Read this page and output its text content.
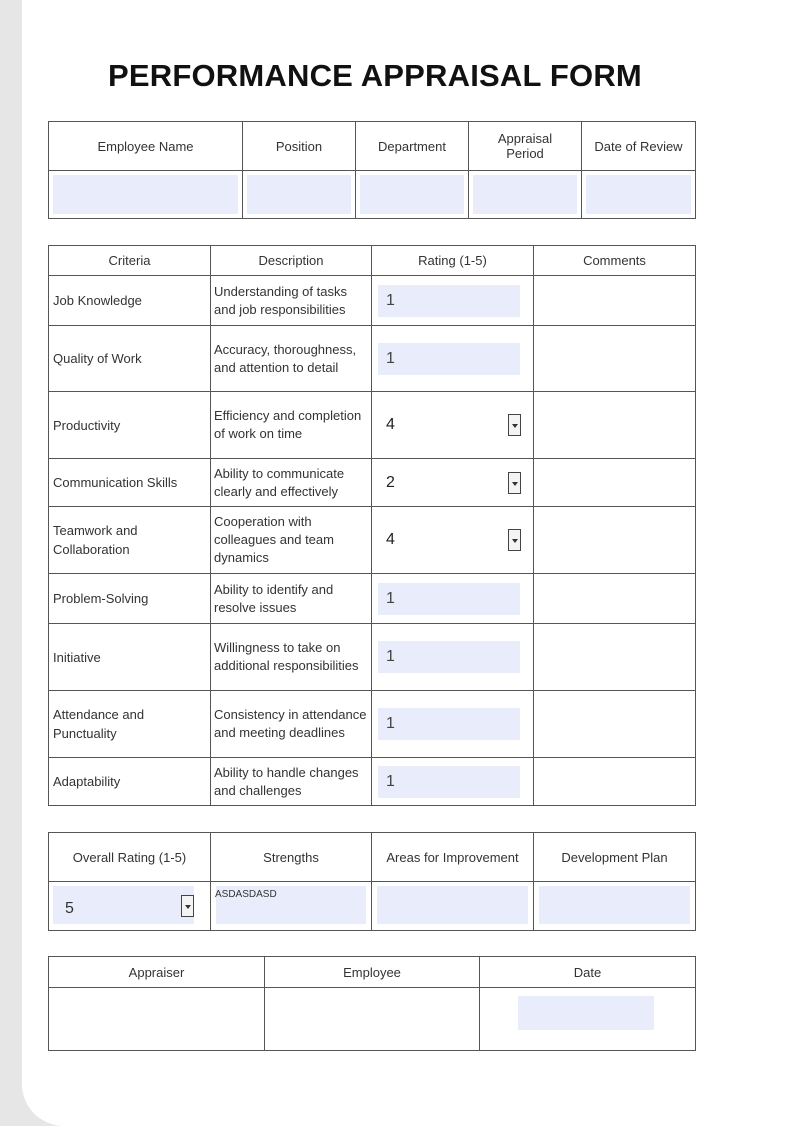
PERFORMANCE APPRAISAL FORM
Employee Name	Position	Department	Appraisal Period	Date of Review

Criteria	Description	Rating (1-5)	Comments
Job Knowledge	Understanding of tasks and job responsibilities	1	

Quality of Work	Accuracy, thoroughness, and attention to detail	1	

Productivity	Efficiency and completion of work on time	4	

Communication Skills	Ability to communicate clearly and effectively	2	

Teamwork and Collaboration	Cooperation with colleagues and team dynamics	4	

Problem-Solving	Ability to identify and resolve issues	1	

Initiative	Willingness to take on additional responsibilities	1	

Attendance and Punctuality	Consistency in attendance and meeting deadlines	1	

Adaptability	Ability to handle changes and challenges	1	

Overall Rating (1-5)	Strengths	Areas for Improvement	Development Plan

5	ASDASDASD		

Appraiser	Employee	Date
